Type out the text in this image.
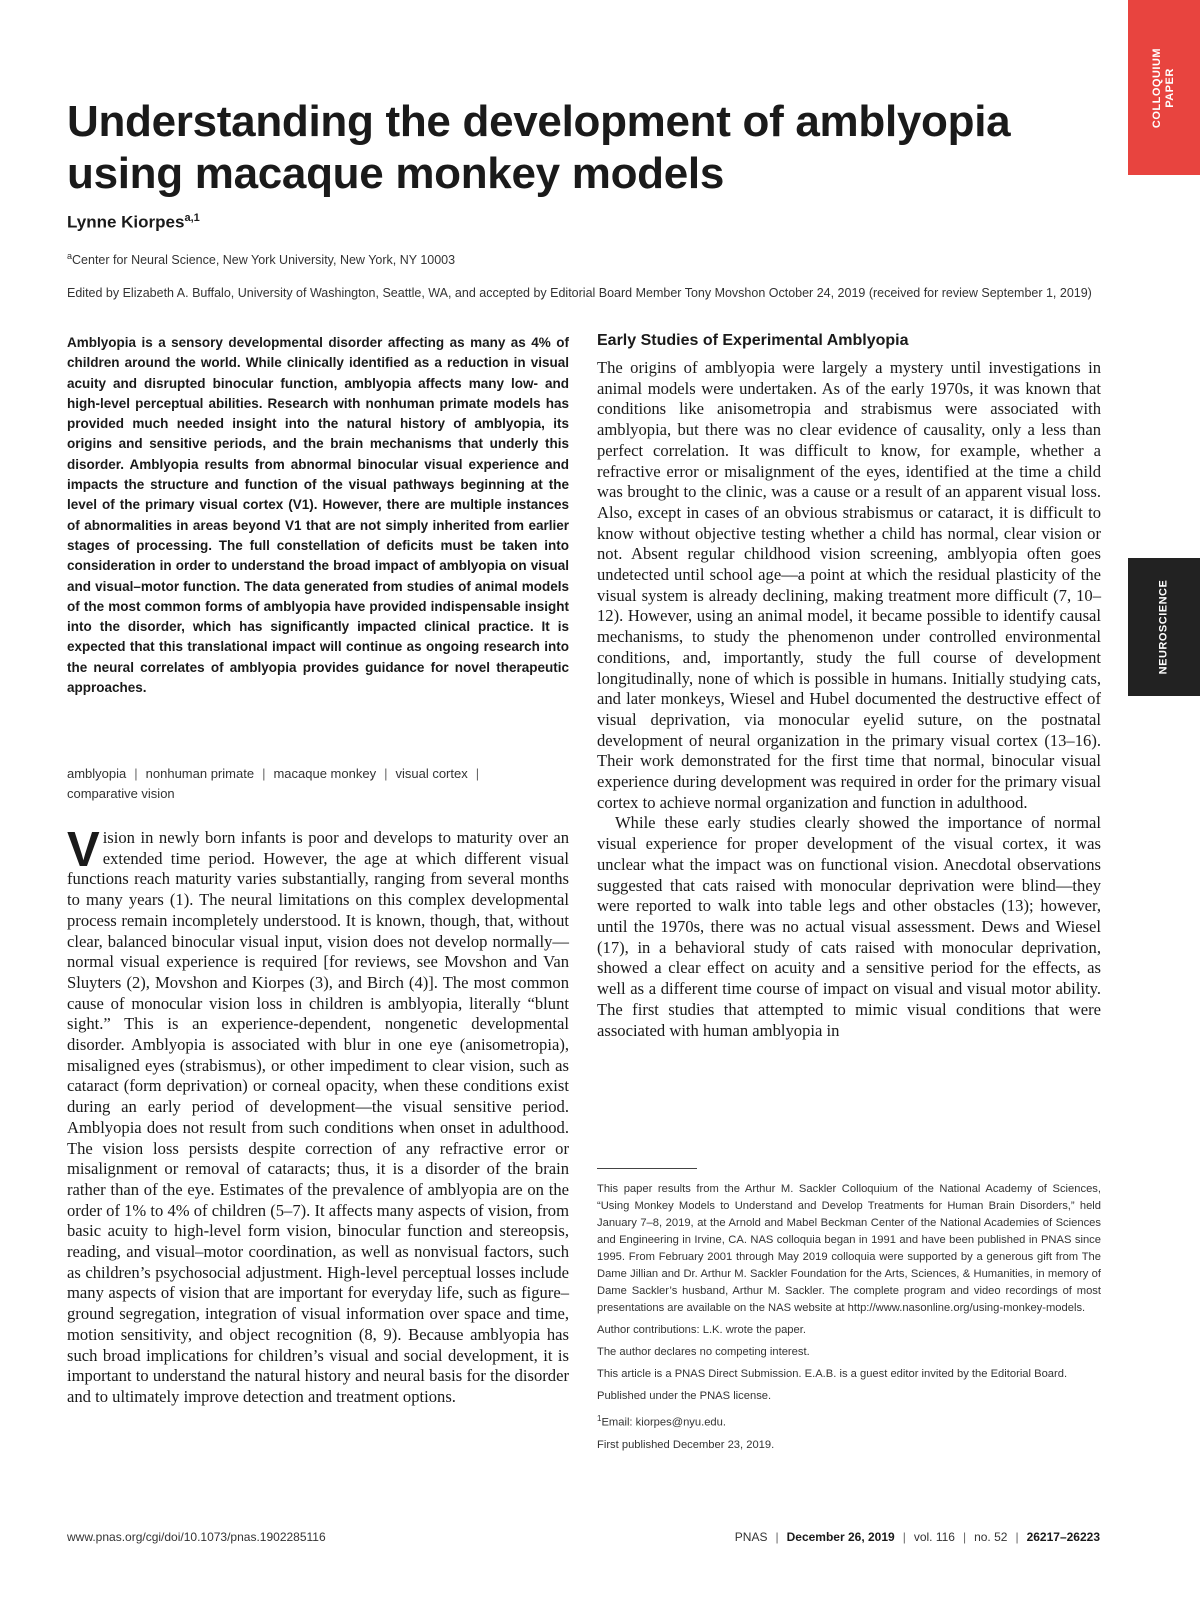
COLLOQUIUM PAPER
NEUROSCIENCE
Understanding the development of amblyopia using macaque monkey models
Lynne Kiorpes$^{a,1}$
$^a$Center for Neural Science, New York University, New York, NY 10003
Edited by Elizabeth A. Buffalo, University of Washington, Seattle, WA, and accepted by Editorial Board Member Tony Movshon October 24, 2019 (received for review September 1, 2019)

Amblyopia is a sensory developmental disorder affecting as many as 4% of children around the world. While clinically identified as a reduction in visual acuity and disrupted binocular function, amblyopia affects many low- and high-level perceptual abilities. Research with nonhuman primate models has provided much needed insight into the natural history of amblyopia, its origins and sensitive periods, and the brain mechanisms that underly this disorder. Amblyopia results from abnormal binocular visual experience and impacts the structure and function of the visual pathways beginning at the level of the primary visual cortex (V1). However, there are multiple instances of abnormalities in areas beyond V1 that are not simply inherited from earlier stages of processing. The full constellation of deficits must be taken into consideration in order to understand the broad impact of amblyopia on visual and visual–motor function. The data generated from studies of animal models of the most common forms of amblyopia have provided indispensable insight into the disorder, which has significantly impacted clinical practice. It is expected that this translational impact will continue as ongoing research into the neural correlates of amblyopia provides guidance for novel therapeutic approaches.

amblyopia | nonhuman primate | macaque monkey | visual cortex |
comparative vision

Vision in newly born infants is poor and develops to maturity over an extended time period. However, the age at which different visual functions reach maturity varies substantially, ranging from several months to many years (1). The neural limitations on this complex developmental process remain incompletely understood. It is known, though, that, without clear, balanced binocular visual input, vision does not develop normally—normal visual experience is required [for reviews, see Movshon and Van Sluyters (2), Movshon and Kiorpes (3), and Birch (4)]. The most common cause of monocular vision loss in children is amblyopia, literally “blunt sight.” This is an experience-dependent, nongenetic developmental disorder. Amblyopia is associated with blur in one eye (anisometropia), misaligned eyes (strabismus), or other impediment to clear vision, such as cataract (form deprivation) or corneal opacity, when these conditions exist during an early period of development—the visual sensitive period. Amblyopia does not result from such conditions when onset in adulthood. The vision loss persists despite correction of any refractive error or misalignment or removal of cataracts; thus, it is a disorder of the brain rather than of the eye. Estimates of the prevalence of amblyopia are on the order of 1% to 4% of children (5–7). It affects many aspects of vision, from basic acuity to high-level form vision, binocular function and stereopsis, reading, and visual–motor coordination, as well as nonvisual factors, such as children’s psychosocial adjustment. High-level perceptual losses include many aspects of vision that are important for everyday life, such as figure–ground segregation, integration of visual information over space and time, motion sensitivity, and object recognition (8, 9). Because amblyopia has such broad implications for children’s visual and social development, it is important to understand the natural history and neural basis for the disorder and to ultimately improve detection and treatment options.

Early Studies of Experimental Amblyopia

The origins of amblyopia were largely a mystery until investigations in animal models were undertaken. As of the early 1970s, it was known that conditions like anisometropia and strabismus were associated with amblyopia, but there was no clear evidence of causality, only a less than perfect correlation. It was difficult to know, for example, whether a refractive error or misalignment of the eyes, identified at the time a child was brought to the clinic, was a cause or a result of an apparent visual loss. Also, except in cases of an obvious strabismus or cataract, it is difficult to know without objective testing whether a child has normal, clear vision or not. Absent regular childhood vision screening, amblyopia often goes undetected until school age—a point at which the residual plasticity of the visual system is already declining, making treatment more difficult (7, 10–12). However, using an animal model, it became possible to identify causal mechanisms, to study the phenomenon under controlled environmental conditions, and, importantly, study the full course of development longitudinally, none of which is possible in humans. Initially studying cats, and later monkeys, Wiesel and Hubel documented the destructive effect of visual deprivation, via monocular eyelid suture, on the postnatal development of neural organization in the primary visual cortex (13–16). Their work demonstrated for the first time that normal, binocular visual experience during development was required in order for the primary visual cortex to achieve normal organization and function in adulthood.

While these early studies clearly showed the importance of normal visual experience for proper development of the visual cortex, it was unclear what the impact was on functional vision. Anecdotal observations suggested that cats raised with monocular deprivation were blind—they were reported to walk into table legs and other obstacles (13); however, until the 1970s, there was no actual visual assessment. Dews and Wiesel (17), in a behavioral study of cats raised with monocular deprivation, showed a clear effect on acuity and a sensitive period for the effects, as well as a different time course of impact on visual and visual motor ability. The first studies that attempted to mimic visual conditions that were associated with human amblyopia in

This paper results from the Arthur M. Sackler Colloquium of the National Academy of Sciences, “Using Monkey Models to Understand and Develop Treatments for Human Brain Disorders,” held January 7–8, 2019, at the Arnold and Mabel Beckman Center of the National Academies of Sciences and Engineering in Irvine, CA. NAS colloquia began in 1991 and have been published in PNAS since 1995. From February 2001 through May 2019 colloquia were supported by a generous gift from The Dame Jillian and Dr. Arthur M. Sackler Foundation for the Arts, Sciences, & Humanities, in memory of Dame Sackler’s husband, Arthur M. Sackler. The complete program and video recordings of most presentations are available on the NAS website at http://www.nasonline.org/using-monkey-models.

Author contributions: L.K. wrote the paper.

The author declares no competing interest.

This article is a PNAS Direct Submission. E.A.B. is a guest editor invited by the Editorial Board.

Published under the PNAS license.

$^1$Email: kiorpes@nyu.edu.

First published December 23, 2019.

www.pnas.org/cgi/doi/10.1073/pnas.1902285116	PNAS | December 26, 2019 | vol. 116 | no. 52 | 26217–26223
